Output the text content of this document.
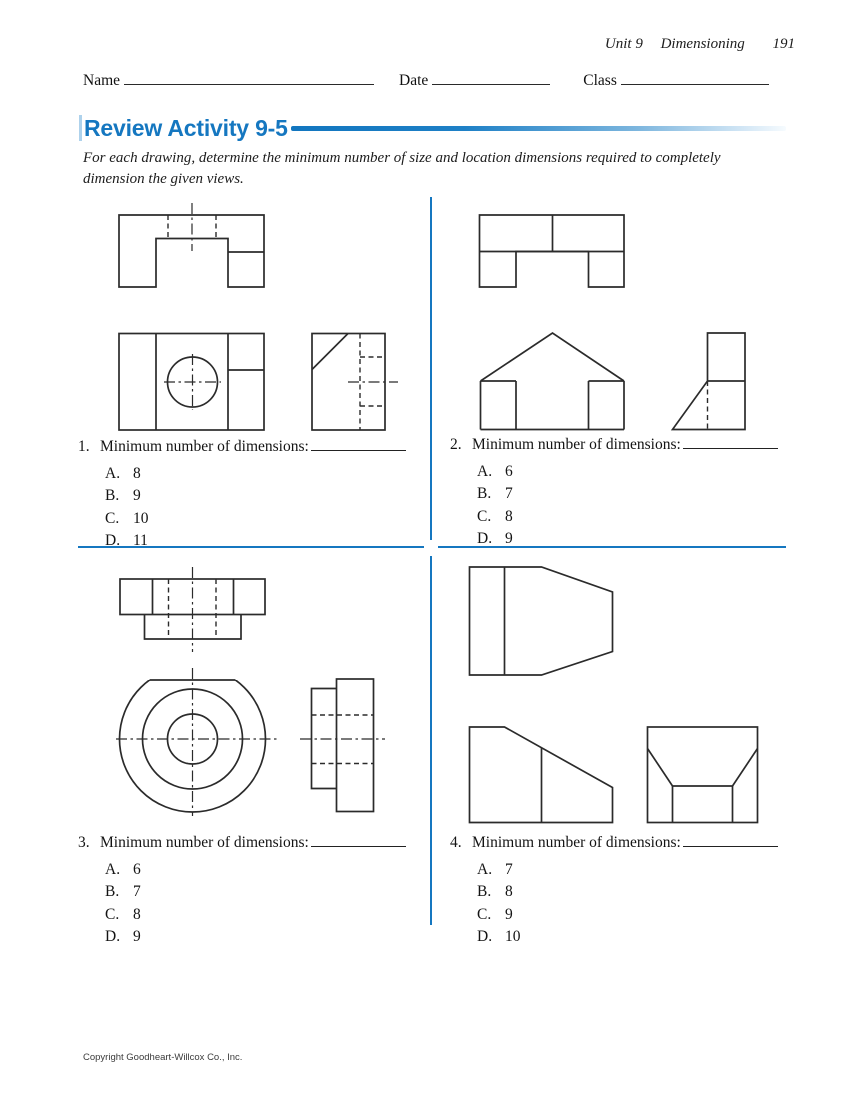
Unit 9 Dimensioning 191
Name	Date	Class
Review Activity 9-5

For each drawing, determine the minimum number of size and location dimensions required to completely dimension the given views.

1. Minimum number of dimensions:
A. 8
B. 9
C. 10
D. 11
2. Minimum number of dimensions:
A. 6
B. 7
C. 8
D. 9
3. Minimum number of dimensions:
A. 6
B. 7
C. 8
D. 9
4. Minimum number of dimensions:
A. 7
B. 8
C. 9
D. 10
Copyright Goodheart-Willcox Co., Inc.
